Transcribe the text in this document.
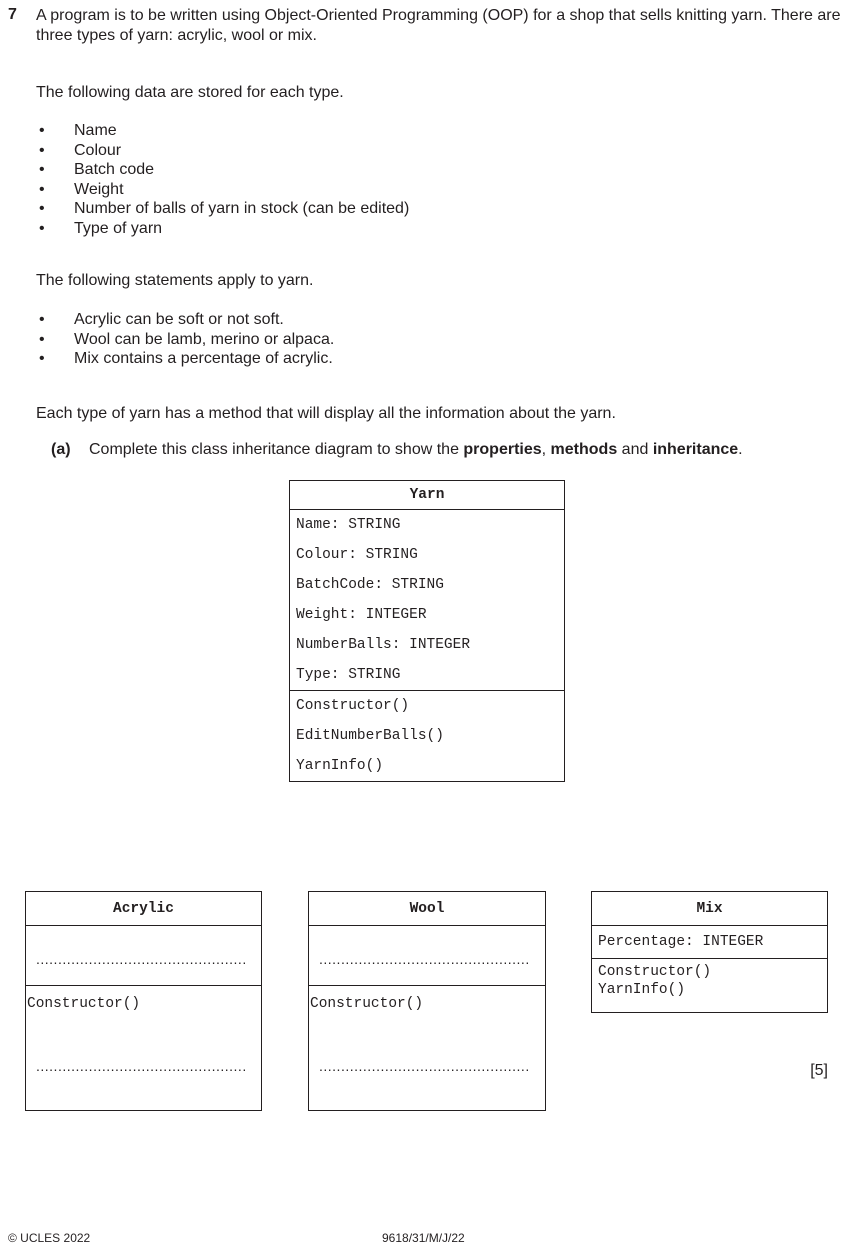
7 A program is to be written using Object-Oriented Programming (OOP) for a shop that sells knitting yarn. There are three types of yarn: acrylic, wool or mix.
The following data are stored for each type.
• Name
• Colour
• Batch code
• Weight
• Number of balls of yarn in stock (can be edited)
• Type of yarn
The following statements apply to yarn.
• Acrylic can be soft or not soft.
• Wool can be lamb, merino or alpaca.
• Mix contains a percentage of acrylic.
Each type of yarn has a method that will display all the information about the yarn.
(a) Complete this class inheritance diagram to show the properties, methods and inheritance.
Yarn
Name: STRING
Colour: STRING
BatchCode: STRING
Weight: INTEGER
NumberBalls: INTEGER
Type: STRING
Constructor()
EditNumberBalls()
YarnInfo()
Acrylic
................................................
Constructor()
................................................
Wool
................................................
Constructor()
................................................
Mix
Percentage: INTEGER
Constructor()
YarnInfo()
[5]
© UCLES 2022	9618/31/M/J/22
